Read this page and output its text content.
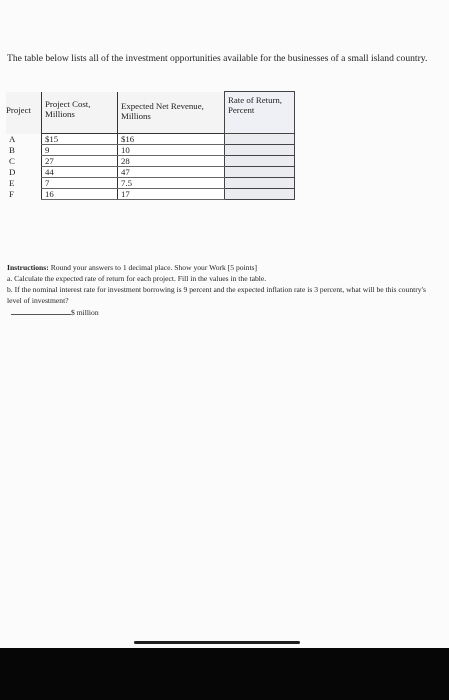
The table below lists all of the investment opportunities available for the businesses of a small island country.

Project	Project Cost, Millions	Expected Net Revenue, Millions	Rate of Return, Percent
A	$15	$16	
B	9	10	
C	27	28	
D	44	47	
E	7	7.5	
F	16	17	

Instructions: Round your answers to 1 decimal place. Show your Work [5 points]

a. Calculate the expected rate of return for each project. Fill in the values in the table.

b. If the nominal interest rate for investment borrowing is 9 percent and the expected inflation rate is 3 percent, what will be this country's level of investment?

$ million
